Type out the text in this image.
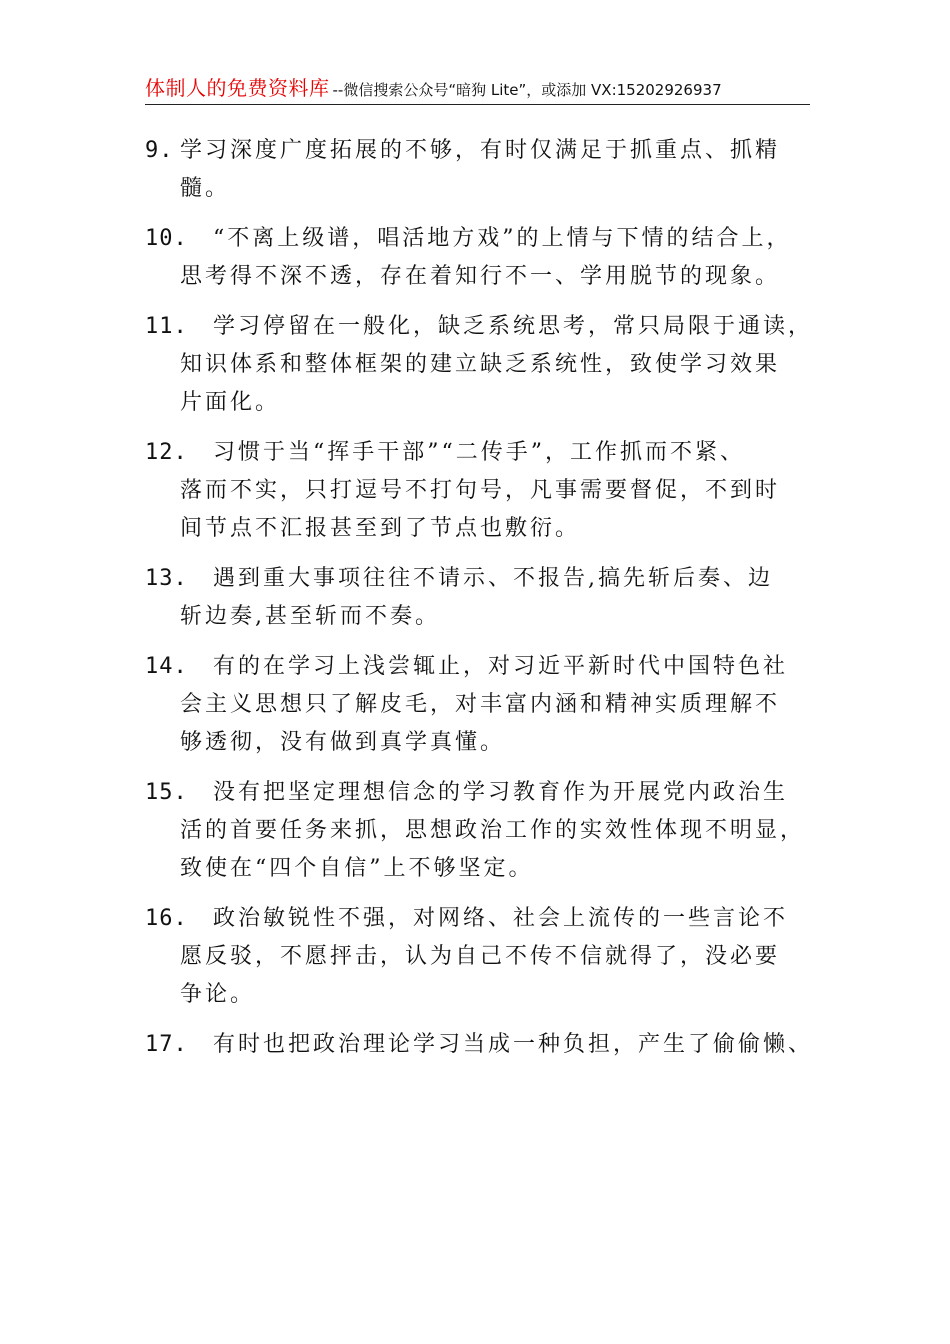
体制人的免费资料库 --微信搜索公众号“暗狗 Lite”，或添加 VX:15202926937
9. 学习深度广度拓展的不够，有时仅满足于抓重点、抓精
髓。
10. “不离上级谱，唱活地方戏”的上情与下情的结合上，
思考得不深不透，存在着知行不一、学用脱节的现象。
11. 学习停留在一般化，缺乏系统思考，常只局限于通读，
知识体系和整体框架的建立缺乏系统性，致使学习效果
片面化。
12. 习惯于当“挥手干部”“二传手”，工作抓而不紧、
落而不实，只打逗号不打句号，凡事需要督促，不到时
间节点不汇报甚至到了节点也敷衍。
13. 遇到重大事项往往不请示、不报告,搞先斩后奏、边
斩边奏,甚至斩而不奏。
14. 有的在学习上浅尝辄止，对习近平新时代中国特色社
会主义思想只了解皮毛，对丰富内涵和精神实质理解不
够透彻，没有做到真学真懂。
15. 没有把坚定理想信念的学习教育作为开展党内政治生
活的首要任务来抓，思想政治工作的实效性体现不明显，
致使在“四个自信”上不够坚定。
16. 政治敏锐性不强，对网络、社会上流传的一些言论不
愿反驳，不愿抨击，认为自己不传不信就得了，没必要
争论。
17. 有时也把政治理论学习当成一种负担，产生了偷偷懒、
